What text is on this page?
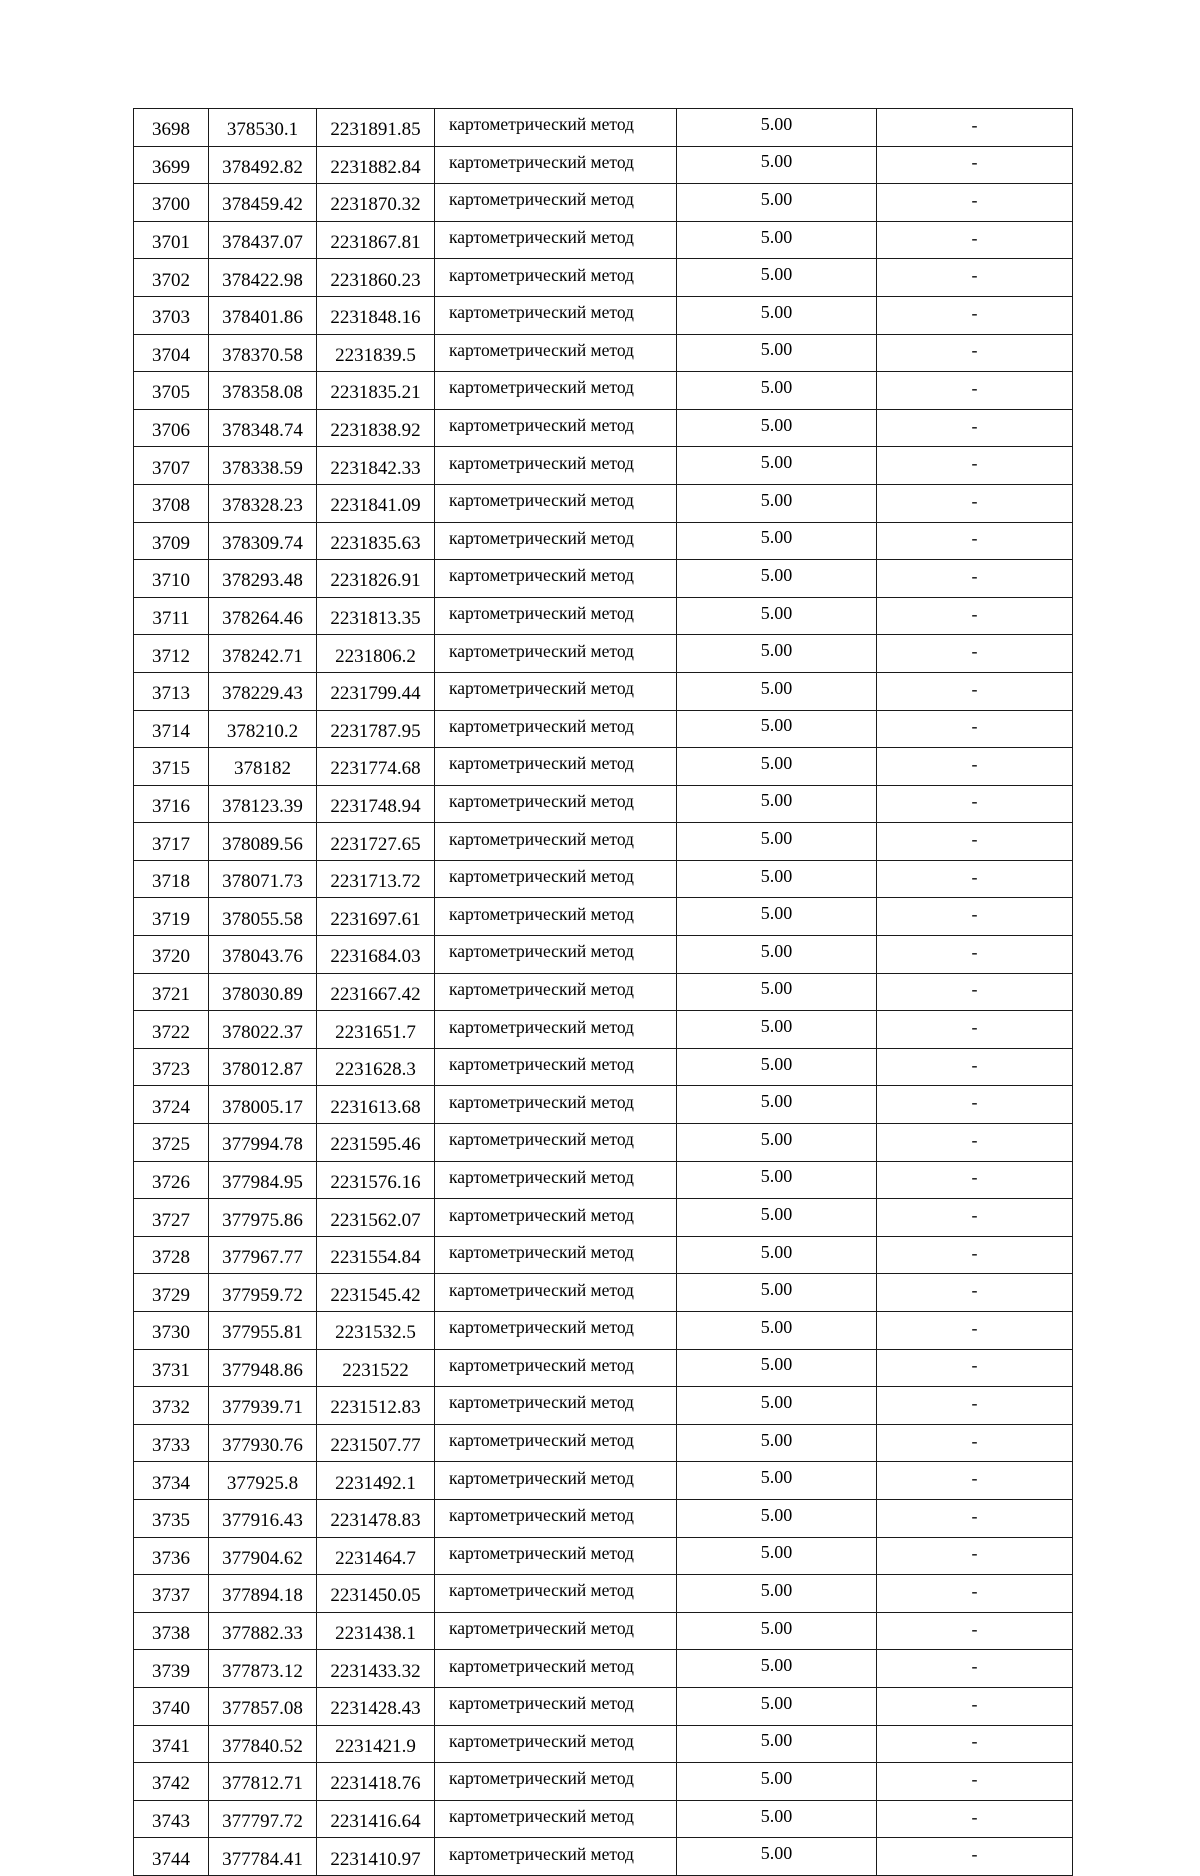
3698	378530.1	2231891.85	картометрический метод	5.00	-
3699	378492.82	2231882.84	картометрический метод	5.00	-
3700	378459.42	2231870.32	картометрический метод	5.00	-
3701	378437.07	2231867.81	картометрический метод	5.00	-
3702	378422.98	2231860.23	картометрический метод	5.00	-
3703	378401.86	2231848.16	картометрический метод	5.00	-
3704	378370.58	2231839.5	картометрический метод	5.00	-
3705	378358.08	2231835.21	картометрический метод	5.00	-
3706	378348.74	2231838.92	картометрический метод	5.00	-
3707	378338.59	2231842.33	картометрический метод	5.00	-
3708	378328.23	2231841.09	картометрический метод	5.00	-
3709	378309.74	2231835.63	картометрический метод	5.00	-
3710	378293.48	2231826.91	картометрический метод	5.00	-
3711	378264.46	2231813.35	картометрический метод	5.00	-
3712	378242.71	2231806.2	картометрический метод	5.00	-
3713	378229.43	2231799.44	картометрический метод	5.00	-
3714	378210.2	2231787.95	картометрический метод	5.00	-
3715	378182	2231774.68	картометрический метод	5.00	-
3716	378123.39	2231748.94	картометрический метод	5.00	-
3717	378089.56	2231727.65	картометрический метод	5.00	-
3718	378071.73	2231713.72	картометрический метод	5.00	-
3719	378055.58	2231697.61	картометрический метод	5.00	-
3720	378043.76	2231684.03	картометрический метод	5.00	-
3721	378030.89	2231667.42	картометрический метод	5.00	-
3722	378022.37	2231651.7	картометрический метод	5.00	-
3723	378012.87	2231628.3	картометрический метод	5.00	-
3724	378005.17	2231613.68	картометрический метод	5.00	-
3725	377994.78	2231595.46	картометрический метод	5.00	-
3726	377984.95	2231576.16	картометрический метод	5.00	-
3727	377975.86	2231562.07	картометрический метод	5.00	-
3728	377967.77	2231554.84	картометрический метод	5.00	-
3729	377959.72	2231545.42	картометрический метод	5.00	-
3730	377955.81	2231532.5	картометрический метод	5.00	-
3731	377948.86	2231522	картометрический метод	5.00	-
3732	377939.71	2231512.83	картометрический метод	5.00	-
3733	377930.76	2231507.77	картометрический метод	5.00	-
3734	377925.8	2231492.1	картометрический метод	5.00	-
3735	377916.43	2231478.83	картометрический метод	5.00	-
3736	377904.62	2231464.7	картометрический метод	5.00	-
3737	377894.18	2231450.05	картометрический метод	5.00	-
3738	377882.33	2231438.1	картометрический метод	5.00	-
3739	377873.12	2231433.32	картометрический метод	5.00	-
3740	377857.08	2231428.43	картометрический метод	5.00	-
3741	377840.52	2231421.9	картометрический метод	5.00	-
3742	377812.71	2231418.76	картометрический метод	5.00	-
3743	377797.72	2231416.64	картометрический метод	5.00	-
3744	377784.41	2231410.97	картометрический метод	5.00	-
